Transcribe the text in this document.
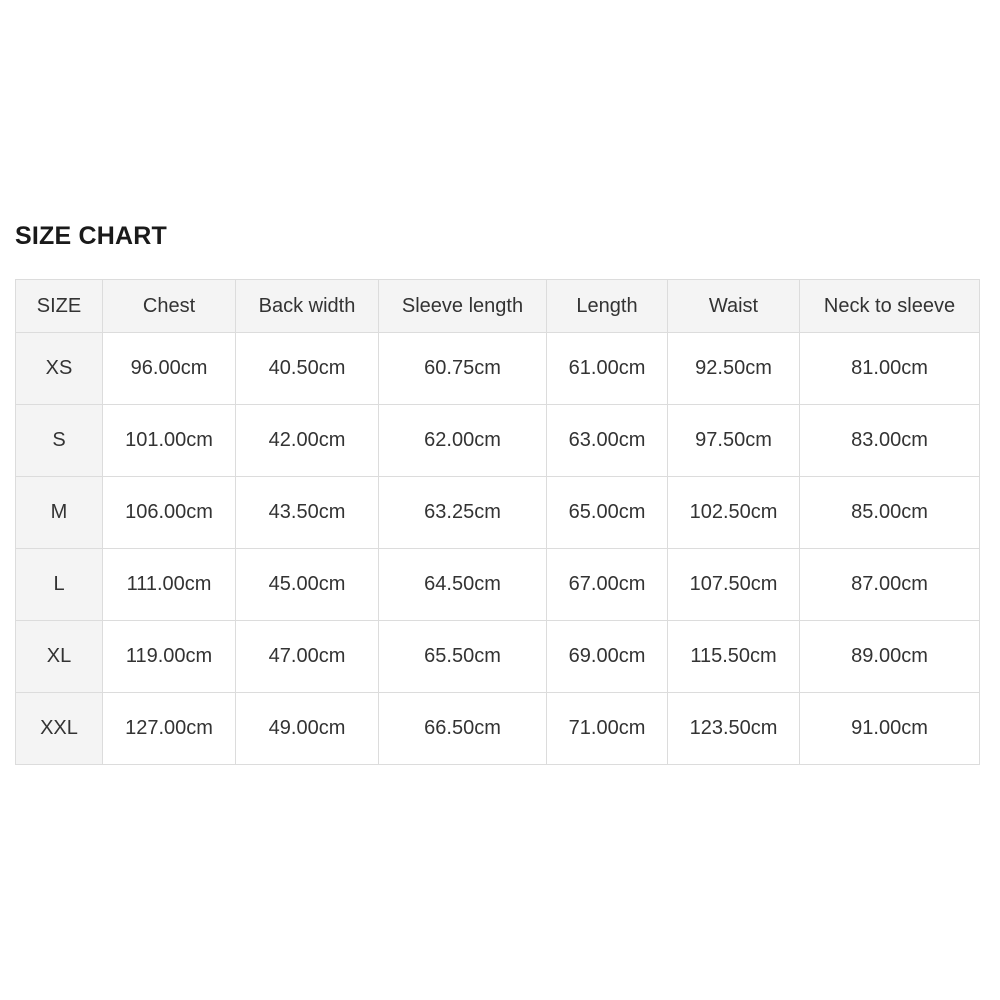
SIZE CHART
SIZE	Chest	Back width	Sleeve length	Length	Waist	Neck to sleeve
XS	96.00cm	40.50cm	60.75cm	61.00cm	92.50cm	81.00cm
S	101.00cm	42.00cm	62.00cm	63.00cm	97.50cm	83.00cm
M	106.00cm	43.50cm	63.25cm	65.00cm	102.50cm	85.00cm
L	111.00cm	45.00cm	64.50cm	67.00cm	107.50cm	87.00cm
XL	119.00cm	47.00cm	65.50cm	69.00cm	115.50cm	89.00cm
XXL	127.00cm	49.00cm	66.50cm	71.00cm	123.50cm	91.00cm
